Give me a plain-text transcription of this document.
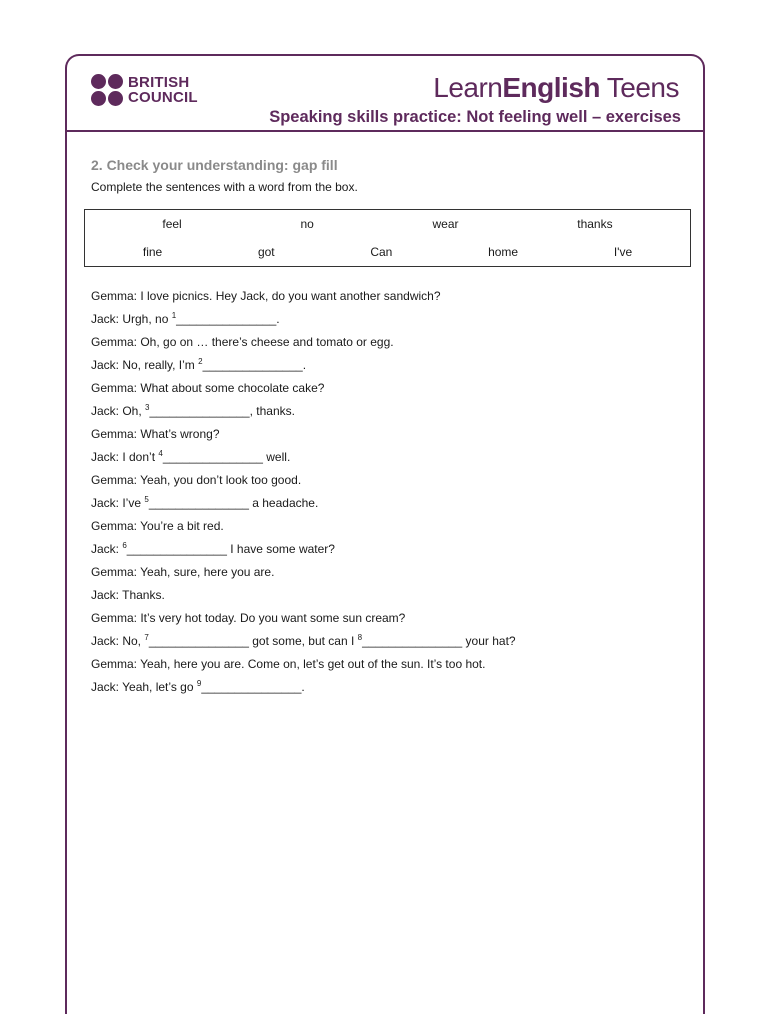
BRITISH
COUNCIL	LearnEnglish Teens
Speaking skills practice: Not feeling well – exercises
2. Check your understanding: gap fill
Complete the sentences with a word from the box.
feel	no	wear	thanks
fine	got	Can	home	I've
Gemma: I love picnics. Hey Jack, do you want another sandwich?
Jack: Urgh, no $^1$_______________.
Gemma: Oh, go on … there’s cheese and tomato or egg.
Jack: No, really, I’m $^2$_______________.
Gemma: What about some chocolate cake?
Jack: Oh, $^3$_______________, thanks.
Gemma: What’s wrong?
Jack: I don’t $^4$_______________ well.
Gemma: Yeah, you don’t look too good.
Jack: I’ve $^5$_______________ a headache.
Gemma: You’re a bit red.
Jack: $^6$_______________ I have some water?
Gemma: Yeah, sure, here you are.
Jack: Thanks.
Gemma: It’s very hot today. Do you want some sun cream?
Jack: No, $^7$_______________ got some, but can I $^8$_______________ your hat?
Gemma: Yeah, here you are. Come on, let’s get out of the sun. It’s too hot.
Jack: Yeah, let’s go $^9$_______________.
